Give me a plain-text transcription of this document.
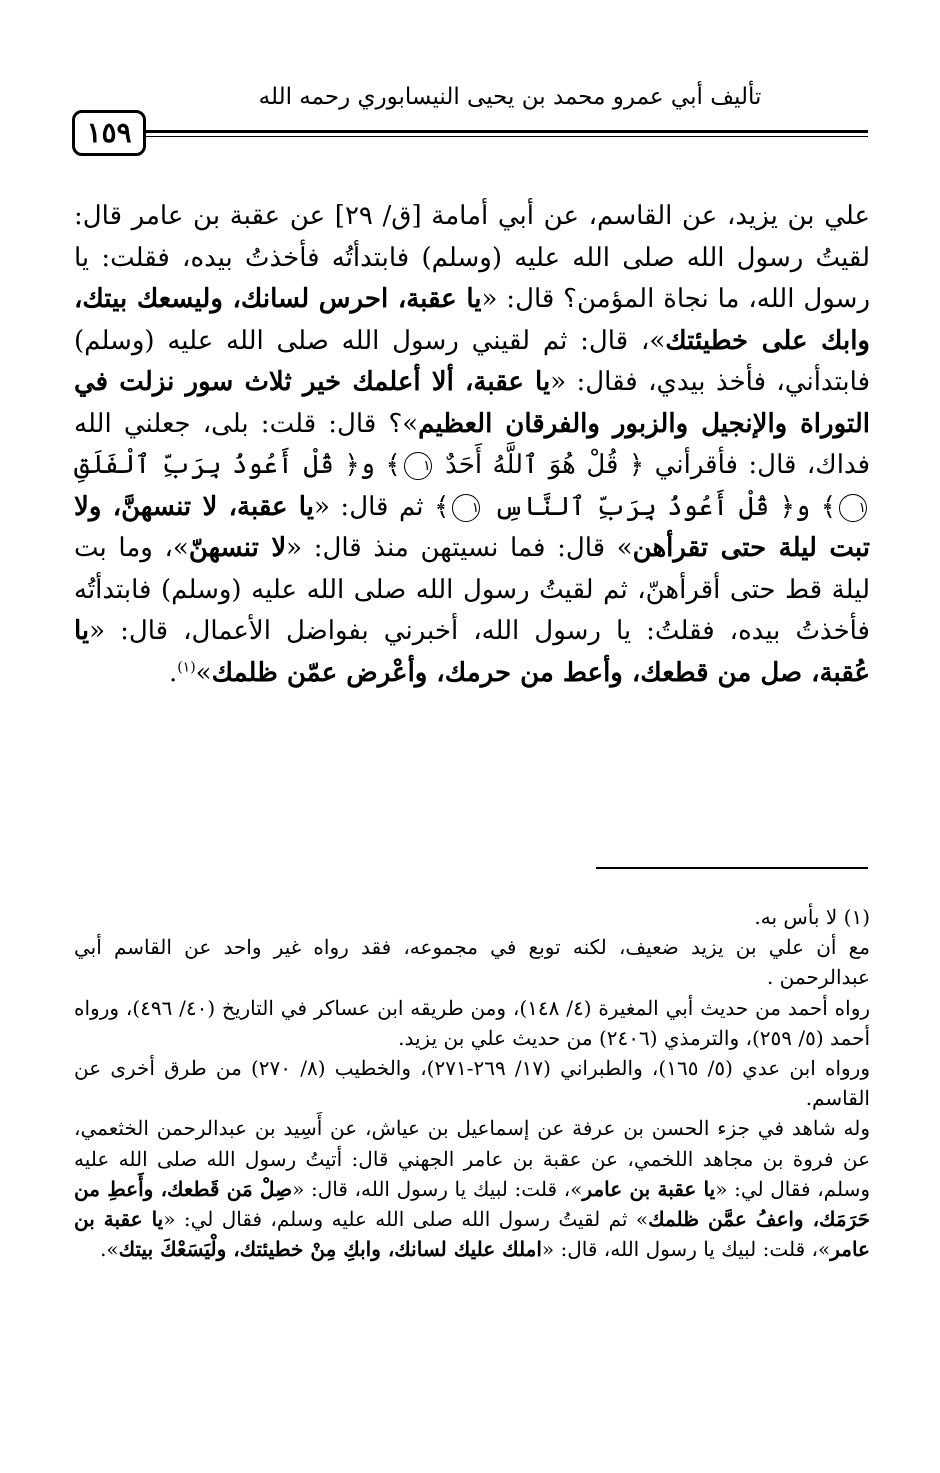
تأليف أبي عمرو محمد بن يحيى النيسابوري رحمه الله
١٥٩

علي بن يزيد، عن القاسم، عن أبي أمامة [ق/ ٢٩] عن عقبة بن عامر قال: لقيتُ رسول الله صلى الله عليه (وسلم) فابتدأتُه فأخذتُ بيده، فقلت: يا رسول الله، ما نجاة المؤمن؟ قال: «يا عقبة، احرس لسانك، وليسعك بيتك، وابك على خطيئتك»، قال: ثم لقيني رسول الله صلى الله عليه (وسلم) فابتدأني، فأخذ بيدي، فقال: «يا عقبة، ألا أعلمك خير ثلاث سور نزلت في التوراة والإنجيل والزبور والفرقان العظيم»؟ قال: قلت: بلى، جعلني الله فداك، قال: فأقرأني ﴿ قُلْ هُوَ ٱللَّهُ أَحَدٌ ١﴾ و﴿ قُلْ أَعُوذُ بِرَبِّ ٱلْفَلَقِ ١﴾ و﴿ قُلْ أَعُوذُ بِرَبِّ ٱلنَّاسِ ١﴾ ثم قال: «يا عقبة، لا تنسهنَّ، ولا تبت ليلة حتى تقرأهن» قال: فما نسيتهن منذ قال: «لا تنسهنّ»، وما بت ليلة قط حتى أقرأهنّ، ثم لقيتُ رسول الله صلى الله عليه (وسلم) فابتدأتُه فأخذتُ بيده، فقلتُ: يا رسول الله، أخبرني بفواضل الأعمال، قال: «يا عُقبة، صل من قطعك، وأعط من حرمك، وأعْرض عمّن ظلمك»$^{(١)}$.

(١) لا بأس به.

مع أن علي بن يزيد ضعيف، لكنه توبع في مجموعه، فقد رواه غير واحد عن القاسم أبي عبدالرحمن .

رواه أحمد من حديث أبي المغيرة (٤/ ١٤٨)، ومن طريقه ابن عساكر في التاريخ (٤٠/ ٤٩٦)، ورواه أحمد (٥/ ٢٥٩)، والترمذي (٢٤٠٦) من حديث علي بن يزيد.

ورواه ابن عدي (٥/ ١٦٥)، والطبراني (١٧/ ٢٦٩-٢٧١)، والخطيب (٨/ ٢٧٠) من طرق أخرى عن القاسم.

وله شاهد في جزء الحسن بن عرفة عن إسماعيل بن عياش، عن أَسِيد بن عبدالرحمن الخثعمي، عن فروة بن مجاهد اللخمي، عن عقبة بن عامر الجهني قال: أتيتُ رسول الله صلى الله عليه وسلم، فقال لي: «يا عقبة بن عامر»، قلت: لبيك يا رسول الله، قال: «صِلْ مَن قَطعك، وأَعطِ من حَرَمَك، واعفُ عمَّن ظلمك» ثم لقيتُ رسول الله صلى الله عليه وسلم، فقال لي: «يا عقبة بن عامر»، قلت: لبيك يا رسول الله، قال: «املك عليك لسانك، وابكِ مِنْ خطيئتك، ولْيَسَعْكَ بيتك».
